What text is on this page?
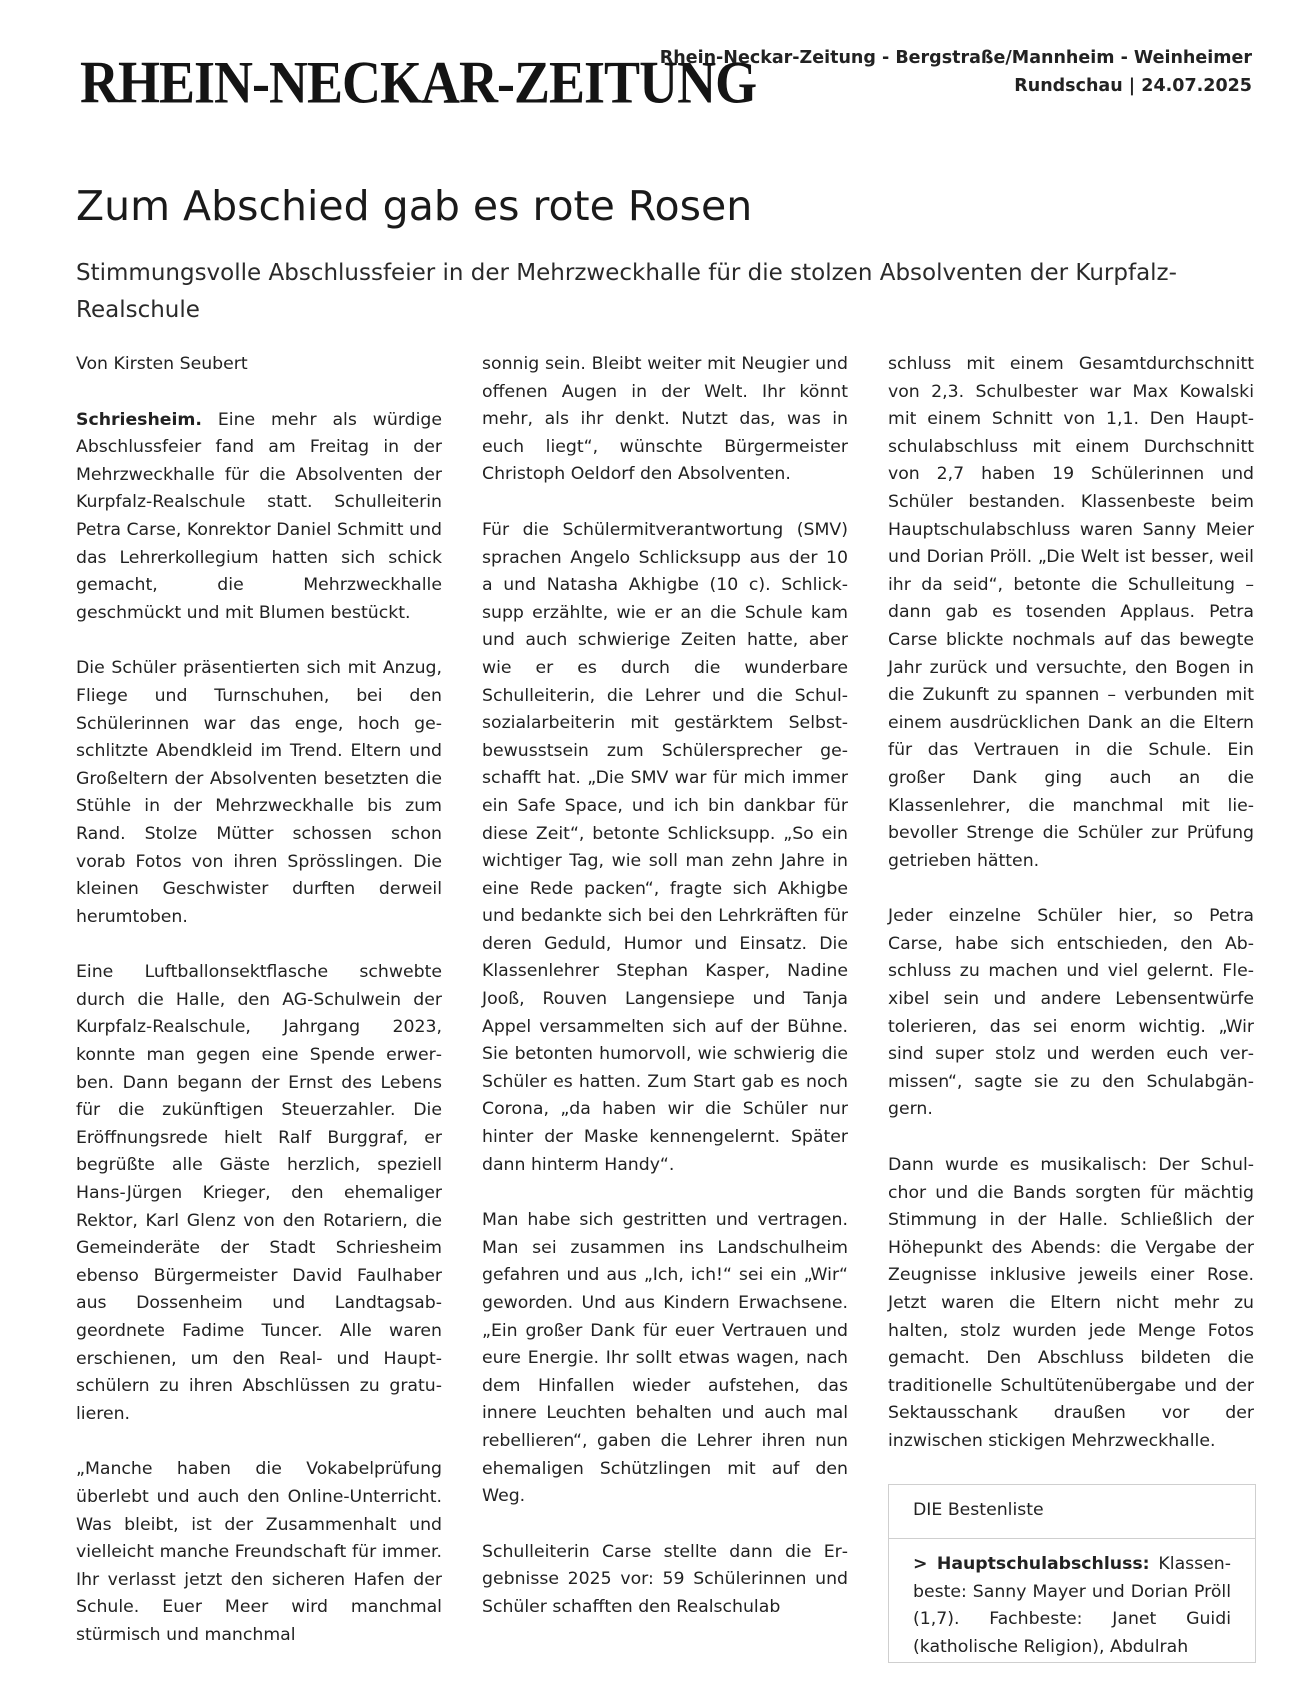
RHEIN-NECKAR-ZEITUNG
Rhein-Neckar-Zeitung - Bergstraße/Mannheim - Weinheimer Rundschau | 24.07.2025
Zum Abschied gab es rote Rosen
Stimmungsvolle Abschlussfeier in der Mehrzweckhalle für die stolzen Absolventen der Kurpfalz-Realschule

Von Kirsten Seubert

Schriesheim. Eine mehr als würdige Abschlussfeier fand am Freitag in der Mehrzweckhalle für die Absolventen der Kurpfalz-Realschule statt. Schulleiterin Petra Carse, Konrektor Daniel Schmitt und das Lehrerkollegium hatten sich schick gemacht, die Mehrzweckhalle geschmückt und mit Blumen bestückt.

Die Schüler präsentierten sich mit Anzug, Fliege und Turnschuhen, bei den Schülerinnen war das enge, hoch geschlitzte Abendkleid im Trend. Eltern und Großeltern der Absolventen besetzten die Stühle in der Mehrzweckhalle bis zum Rand. Stolze Mütter schossen schon vorab Fotos von ihren Sprösslingen. Die kleinen Geschwister durften derweil herumtoben.

Eine Luftballonsektflasche schwebte durch die Halle, den AG-Schulwein der Kurpfalz-Realschule, Jahrgang 2023, konnte man gegen eine Spende erwerben. Dann begann der Ernst des Lebens für die zukünftigen Steuerzahler. Die Eröffnungsrede hielt Ralf Burggraf, er begrüßte alle Gäste herzlich, speziell Hans-Jürgen Krieger, den ehemaliger Rektor, Karl Glenz von den Rotariern, die Gemeinderäte der Stadt Schriesheim ebenso Bürgermeister David Faulhaber aus Dossenheim und Landtagsabgeordnete Fadime Tuncer. Alle waren erschienen, um den Real- und Hauptschülern zu ihren Abschlüssen zu gratulieren.

„Manche haben die Vokabelprüfung überlebt und auch den Online-Unterricht. Was bleibt, ist der Zusammenhalt und vielleicht manche Freundschaft für immer. Ihr verlasst jetzt den sicheren Hafen der Schule. Euer Meer wird manchmal stürmisch und manchmal

sonnig sein. Bleibt weiter mit Neugier und offenen Augen in der Welt. Ihr könnt mehr, als ihr denkt. Nutzt das, was in euch liegt“, wünschte Bürgermeister Christoph Oeldorf den Absolventen.

Für die Schülermitverantwortung (SMV) sprachen Angelo Schlicksupp aus der 10 a und Natasha Akhigbe (10 c). Schlicksupp erzählte, wie er an die Schule kam und auch schwierige Zeiten hatte, aber wie er es durch die wunderbare Schulleiterin, die Lehrer und die Schulsozialarbeiterin mit gestärktem Selbstbewusstsein zum Schülersprecher geschafft hat. „Die SMV war für mich immer ein Safe Space, und ich bin dankbar für diese Zeit“, betonte Schlicksupp. „So ein wichtiger Tag, wie soll man zehn Jahre in eine Rede packen“, fragte sich Akhigbe und bedankte sich bei den Lehrkräften für deren Geduld, Humor und Einsatz. Die Klassenlehrer Stephan Kasper, Nadine Jooß, Rouven Langensiepe und Tanja Appel versammelten sich auf der Bühne. Sie betonten humorvoll, wie schwierig die Schüler es hatten. Zum Start gab es noch Corona, „da haben wir die Schüler nur hinter der Maske kennengelernt. Später dann hinterm Handy“.

Man habe sich gestritten und vertragen. Man sei zusammen ins Landschulheim gefahren und aus „Ich, ich!“ sei ein „Wir“ geworden. Und aus Kindern Erwachsene. „Ein großer Dank für euer Vertrauen und eure Energie. Ihr sollt etwas wagen, nach dem Hinfallen wieder aufstehen, das innere Leuchten behalten und auch mal rebellieren“, gaben die Lehrer ihren nun ehemaligen Schützlingen mit auf den Weg.

Schulleiterin Carse stellte dann die Ergebnisse 2025 vor: 59 Schülerinnen und Schüler schafften den Realschulab

schluss mit einem Gesamtdurchschnitt von 2,3. Schulbester war Max Kowalski mit einem Schnitt von 1,1. Den Hauptschulabschluss mit einem Durchschnitt von 2,7 haben 19 Schülerinnen und Schüler bestanden. Klassenbeste beim Hauptschulabschluss waren Sanny Meier und Dorian Pröll. „Die Welt ist besser, weil ihr da seid“, betonte die Schulleitung – dann gab es tosenden Applaus. Petra Carse blickte nochmals auf das bewegte Jahr zurück und versuchte, den Bogen in die Zukunft zu spannen – verbunden mit einem ausdrücklichen Dank an die Eltern für das Vertrauen in die Schule. Ein großer Dank ging auch an die Klassenlehrer, die manchmal mit liebevoller Strenge die Schüler zur Prüfung getrieben hätten.

Jeder einzelne Schüler hier, so Petra Carse, habe sich entschieden, den Abschluss zu machen und viel gelernt. Flexibel sein und andere Lebensentwürfe tolerieren, das sei enorm wichtig. „Wir sind super stolz und werden euch vermissen“, sagte sie zu den Schulabgängern.

Dann wurde es musikalisch: Der Schulchor und die Bands sorgten für mächtig Stimmung in der Halle. Schließlich der Höhepunkt des Abends: die Vergabe der Zeugnisse inklusive jeweils einer Rose. Jetzt waren die Eltern nicht mehr zu halten, stolz wurden jede Menge Fotos gemacht. Den Abschluss bildeten die traditionelle Schultütenübergabe und der Sektausschank draußen vor der inzwischen stickigen Mehrzweckhalle.

DIE Bestenliste
> Hauptschulabschluss: Klassenbeste: Sanny Mayer und Dorian Pröll (1,7). Fachbeste: Janet Guidi (katholische Religion), Abdulrah
